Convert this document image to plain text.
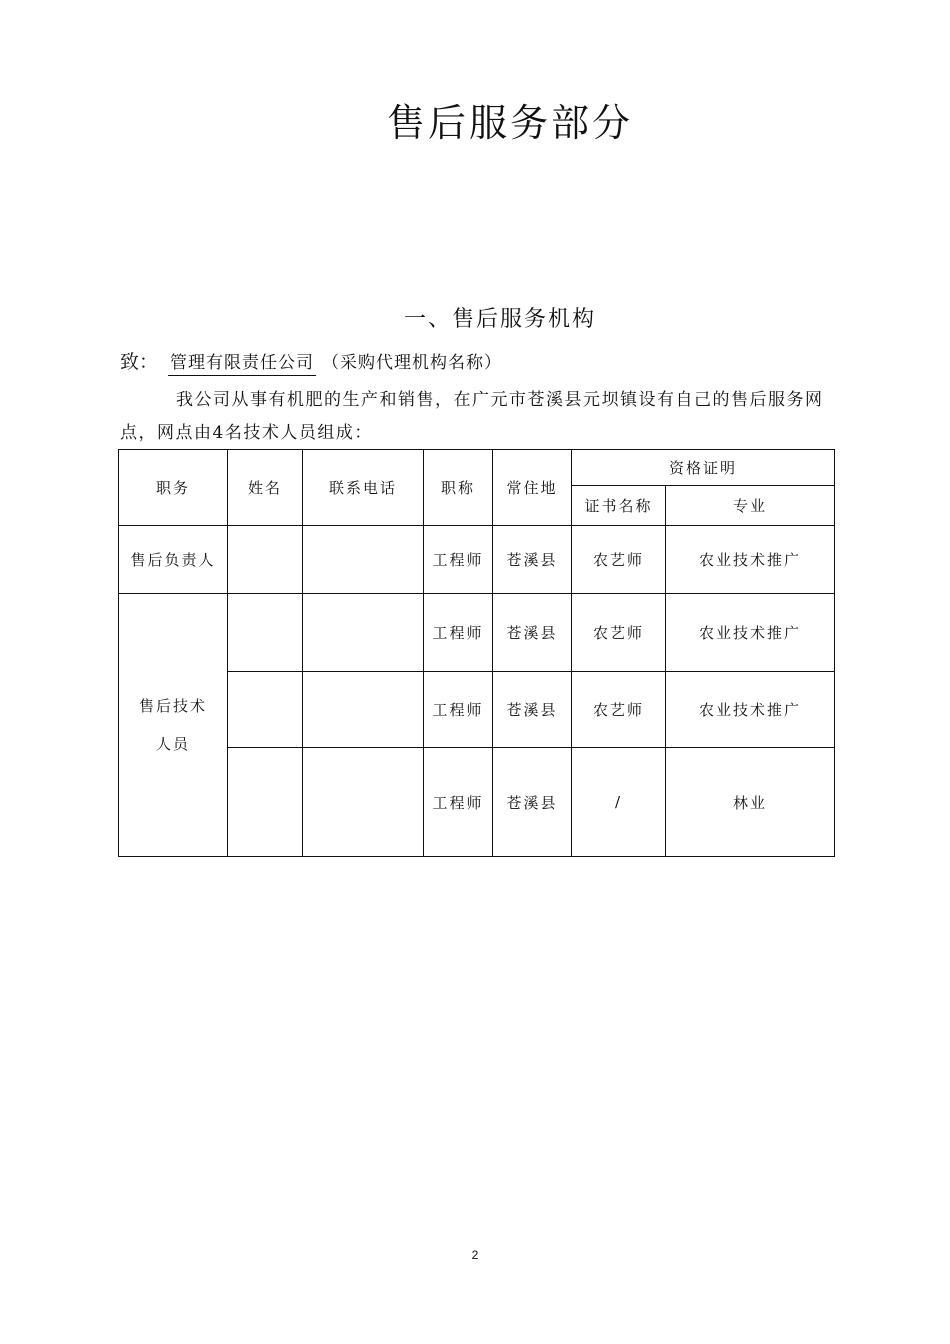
售后服务部分
一、售后服务机构
致： 管理有限责任公司 （采购代理机构名称）
我公司从事有机肥的生产和销售，在广元市苍溪县元坝镇设有自己的售后服务网点，网点由4名技术人员组成：
职务	姓名	联系电话	职称	常住地	资格证明	
					证书名称	专业
售后负责人			工程师	苍溪县	农艺师	农业技术推广
售后技术
人员			工程师	苍溪县	农艺师	农业技术推广
			工程师	苍溪县	农艺师	农业技术推广
			工程师	苍溪县	/	林业
2
